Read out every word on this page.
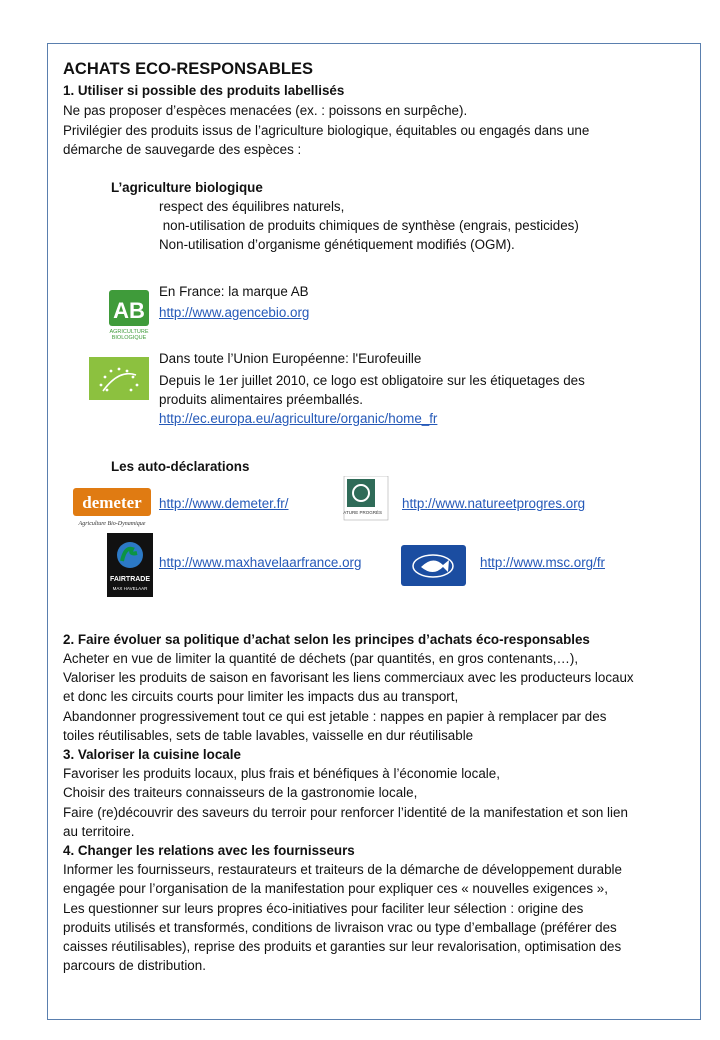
ACHATS ECO-RESPONSABLES
1. Utiliser si possible des produits labellisés
Ne pas proposer d’espèces menacées (ex. : poissons en surpêche).
Privilégier des produits issus de l’agriculture biologique, équitables ou engagés dans une
démarche de sauvegarde des espèces :
L’agriculture biologique
respect des équilibres naturels,
non-utilisation de produits chimiques de synthèse (engrais, pesticides)
Non-utilisation d’organisme génétiquement modifiés (OGM).
AB
AGRICULTURE
BIOLOGIQUE
En France: la marque AB
http://www.agencebio.org
Dans toute l’Union Européenne: l'Eurofeuille
Depuis le 1er juillet 2010, ce logo est obligatoire sur les étiquetages des
produits alimentaires préemballés.
http://ec.europa.eu/agriculture/organic/home_fr
Les auto-déclarations
demeter
Agriculture Bio-Dynamique
http://www.demeter.fr/
NATURE PROGRÈS
http://www.natureetprogres.org
FAIRTRADE
MAX HAVELAAR
http://www.maxhavelaarfrance.org	http://www.msc.org/fr
2. Faire évoluer sa politique d’achat selon les principes d’achats éco-responsables
Acheter en vue de limiter la quantité de déchets (par quantités, en gros contenants,…),
Valoriser les produits de saison en favorisant les liens commerciaux avec les producteurs locaux
et donc les circuits courts pour limiter les impacts dus au transport,
Abandonner progressivement tout ce qui est jetable : nappes en papier à remplacer par des
toiles réutilisables, sets de table lavables, vaisselle en dur réutilisable
3. Valoriser la cuisine locale
Favoriser les produits locaux, plus frais et bénéfiques à l’économie locale,
Choisir des traiteurs connaisseurs de la gastronomie locale,
Faire (re)découvrir des saveurs du terroir pour renforcer l’identité de la manifestation et son lien
au territoire.
4. Changer les relations avec les fournisseurs
Informer les fournisseurs, restaurateurs et traiteurs de la démarche de développement durable
engagée pour l’organisation de la manifestation pour expliquer ces « nouvelles exigences »,
Les questionner sur leurs propres éco-initiatives pour faciliter leur sélection : origine des
produits utilisés et transformés, conditions de livraison vrac ou type d’emballage (préférer des
caisses réutilisables), reprise des produits et garanties sur leur revalorisation, optimisation des
parcours de distribution.
